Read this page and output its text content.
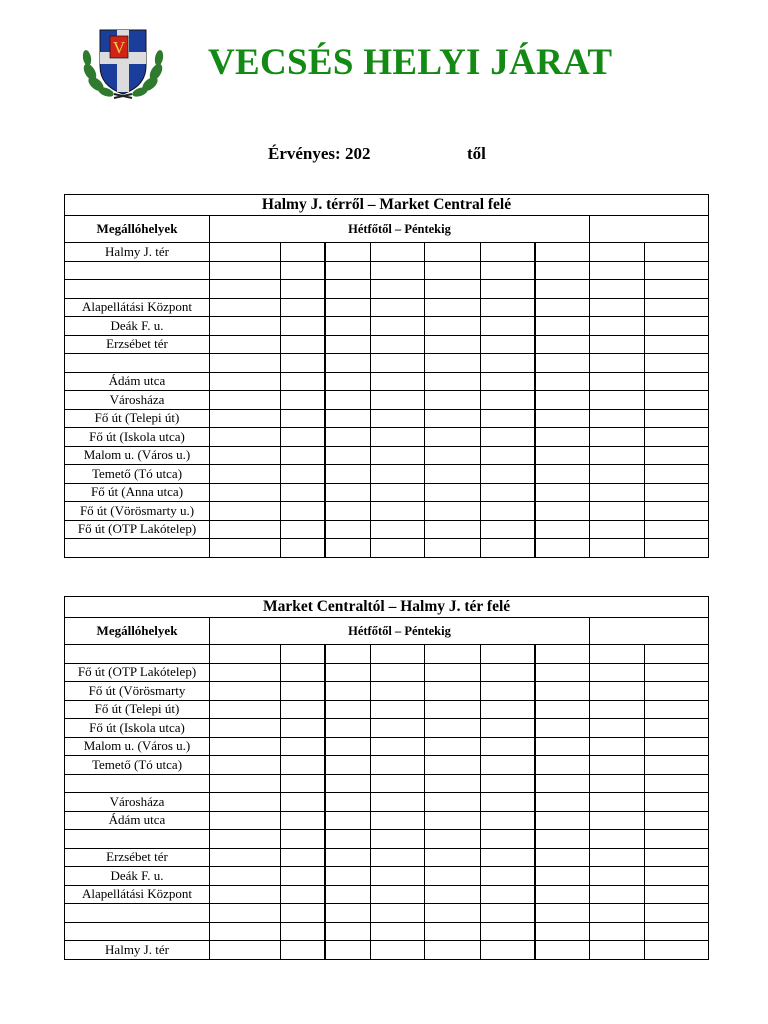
V VECSÉS HELYI JÁRAT
Érvényes: 202	től
Halmy J. térről – Market Central felé									
Megállóhelyek	Hétfőtől – Péntekig								
Halmy J. tér									

Alapellátási Központ									
Deák F. u.									
Erzsébet tér									

Ádám utca									
Városháza									
Fő út (Telepi út)									
Fő út (Iskola utca)									
Malom u. (Város u.)									
Temető (Tó utca)									
Fő út (Anna utca)									
Fő út (Vörösmarty u.)									
Fő út (OTP Lakótelep)									

Market Centraltól – Halmy J. tér felé									
Megállóhelyek	Hétfőtől – Péntekig								

Fő út (OTP Lakótelep)									
Fő út (Vörösmarty									
Fő út (Telepi út)									
Fő út (Iskola utca)									
Malom u. (Város u.)									
Temető (Tó utca)									

Városháza									
Ádám utca									

Erzsébet tér									
Deák F. u.									
Alapellátási Központ									

Halmy J. tér									
